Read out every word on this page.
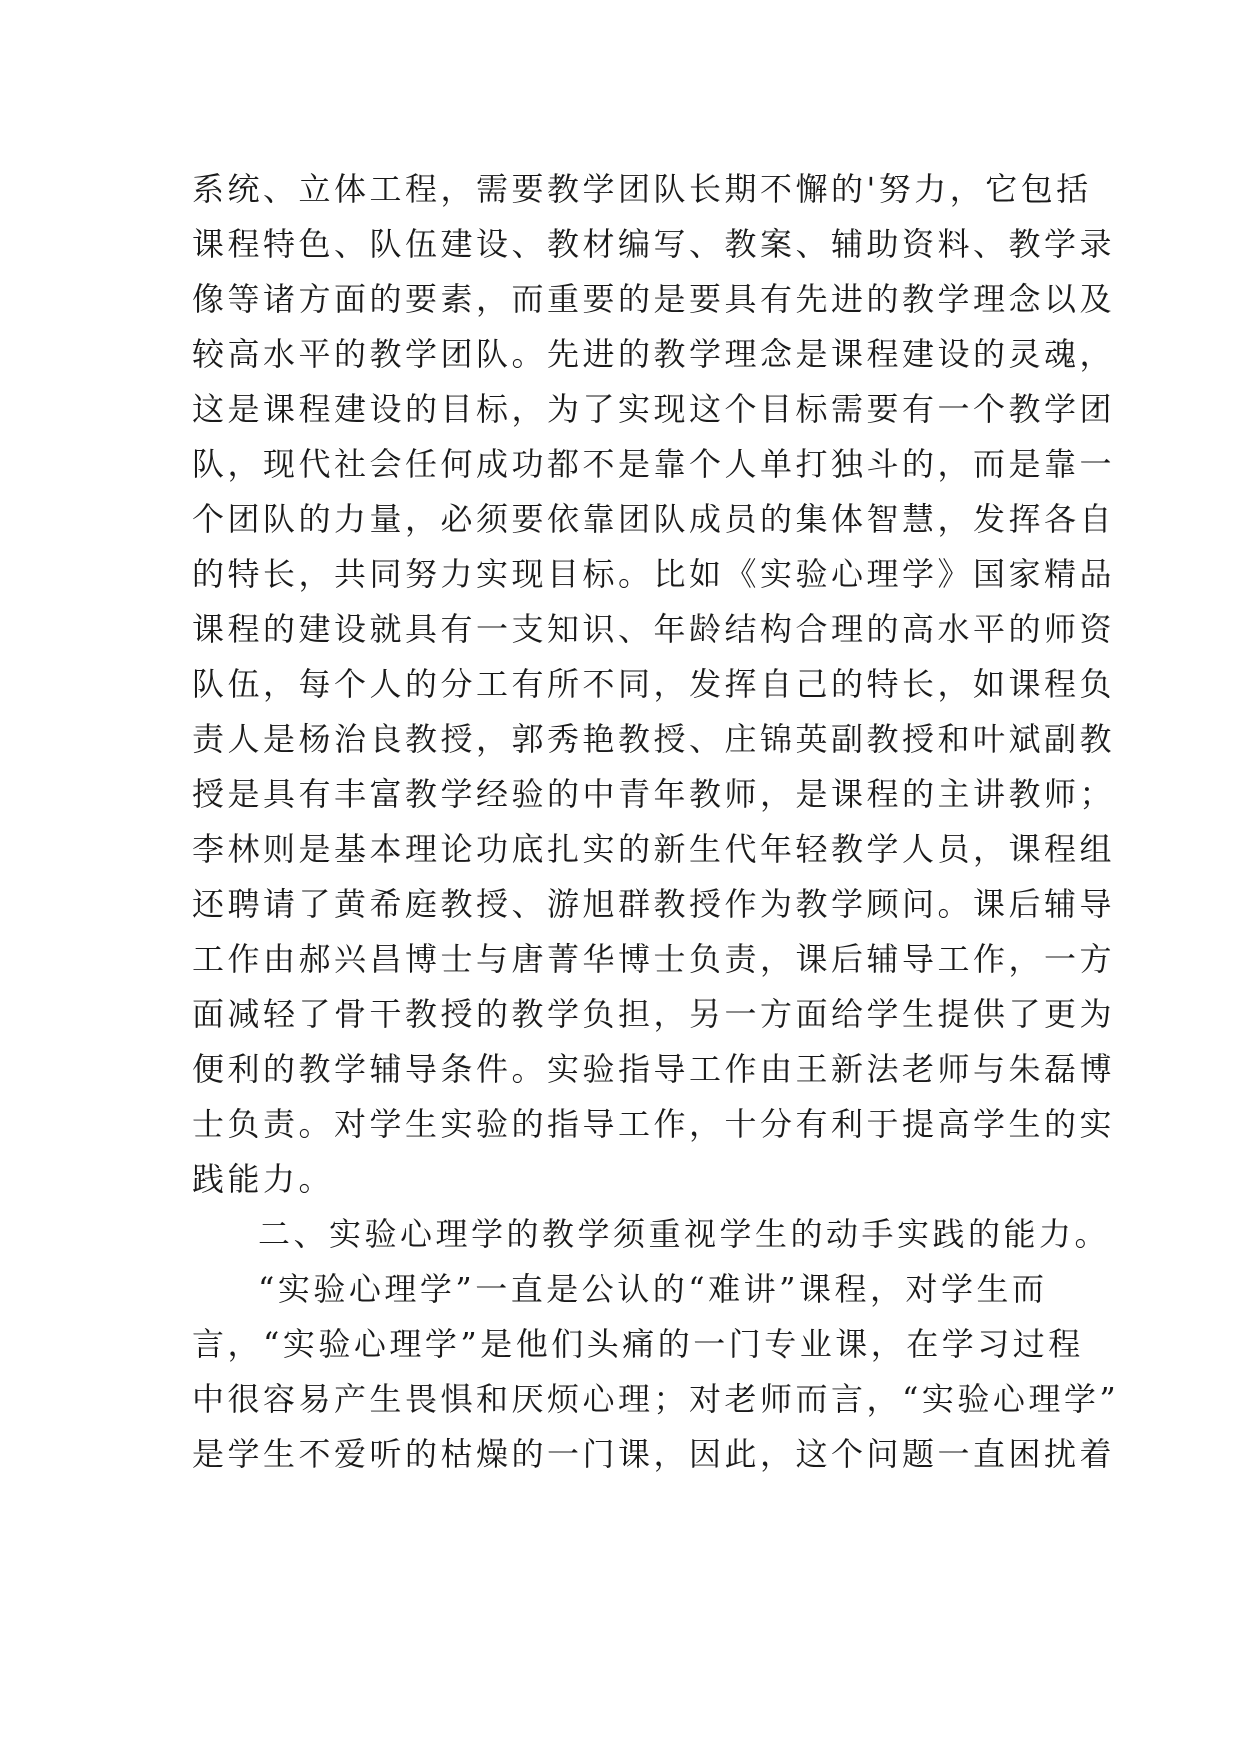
系统、立体工程，需要教学团队长期不懈的'努力，它包括
课程特色、队伍建设、教材编写、教案、辅助资料、教学录
像等诸方面的要素，而重要的是要具有先进的教学理念以及
较高水平的教学团队。先进的教学理念是课程建设的灵魂，
这是课程建设的目标，为了实现这个目标需要有一个教学团
队，现代社会任何成功都不是靠个人单打独斗的，而是靠一
个团队的力量，必须要依靠团队成员的集体智慧，发挥各自
的特长，共同努力实现目标。比如《实验心理学》国家精品
课程的建设就具有一支知识、年龄结构合理的高水平的师资
队伍，每个人的分工有所不同，发挥自己的特长，如课程负
责人是杨治良教授，郭秀艳教授、庄锦英副教授和叶斌副教
授是具有丰富教学经验的中青年教师，是课程的主讲教师；
李林则是基本理论功底扎实的新生代年轻教学人员，课程组
还聘请了黄希庭教授、游旭群教授作为教学顾问。课后辅导
工作由郝兴昌博士与唐菁华博士负责，课后辅导工作，一方
面减轻了骨干教授的教学负担，另一方面给学生提供了更为
便利的教学辅导条件。实验指导工作由王新法老师与朱磊博
士负责。对学生实验的指导工作，十分有利于提高学生的实
践能力。
二、实验心理学的教学须重视学生的动手实践的能力。
“实验心理学”一直是公认的“难讲”课程，对学生而
言，“实验心理学”是他们头痛的一门专业课，在学习过程
中很容易产生畏惧和厌烦心理；对老师而言，“实验心理学”
是学生不爱听的枯燥的一门课，因此，这个问题一直困扰着
